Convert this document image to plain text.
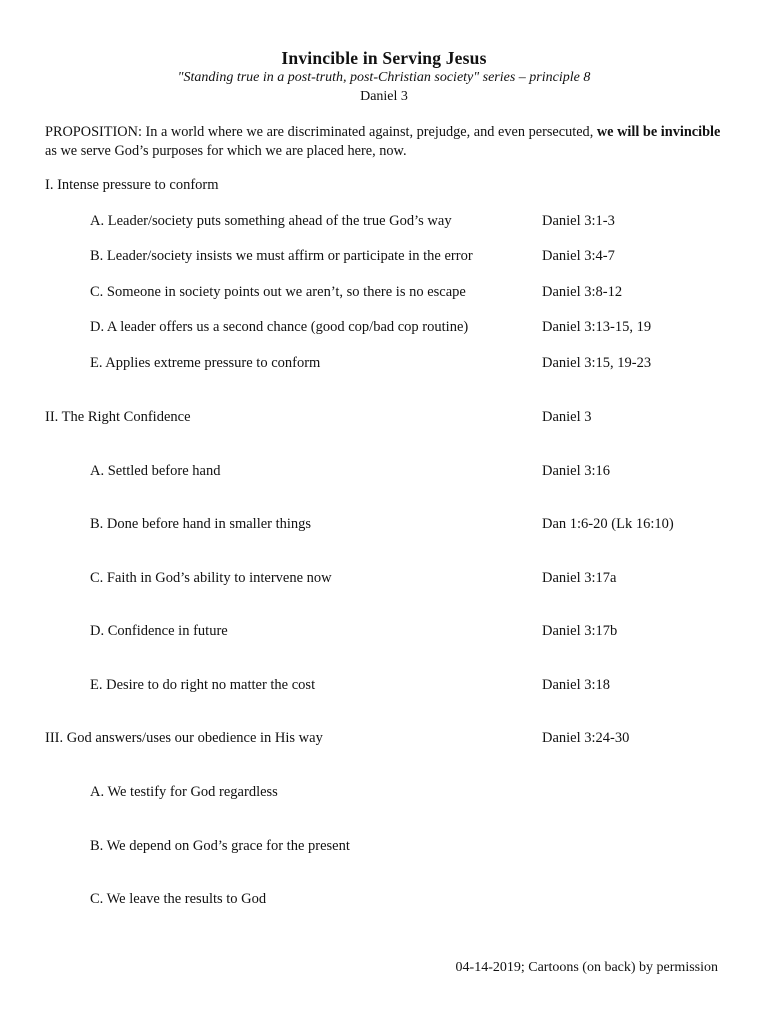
Invincible in Serving Jesus
"Standing true in a post-truth, post-Christian society" series – principle 8
Daniel 3
PROPOSITION: In a world where we are discriminated against, prejudge, and even persecuted, we will be invincible as we serve God’s purposes for which we are placed here, now.
I. Intense pressure to conform
A. Leader/society puts something ahead of the true God’s way	Daniel 3:1-3
B. Leader/society insists we must affirm or participate in the error	Daniel 3:4-7
C. Someone in society points out we aren’t, so there is no escape	Daniel 3:8-12
D. A leader offers us a second chance (good cop/bad cop routine)	Daniel 3:13-15, 19
E. Applies extreme pressure to conform	Daniel 3:15, 19-23
II. The Right Confidence	Daniel 3
A. Settled before hand	Daniel 3:16
B. Done before hand in smaller things	Dan 1:6-20 (Lk 16:10)
C. Faith in God’s ability to intervene now	Daniel 3:17a
D. Confidence in future	Daniel 3:17b
E. Desire to do right no matter the cost	Daniel 3:18
III. God answers/uses our obedience in His way	Daniel 3:24-30
A. We testify for God regardless
B. We depend on God’s grace for the present
C. We leave the results to God
04-14-2019; Cartoons (on back) by permission
